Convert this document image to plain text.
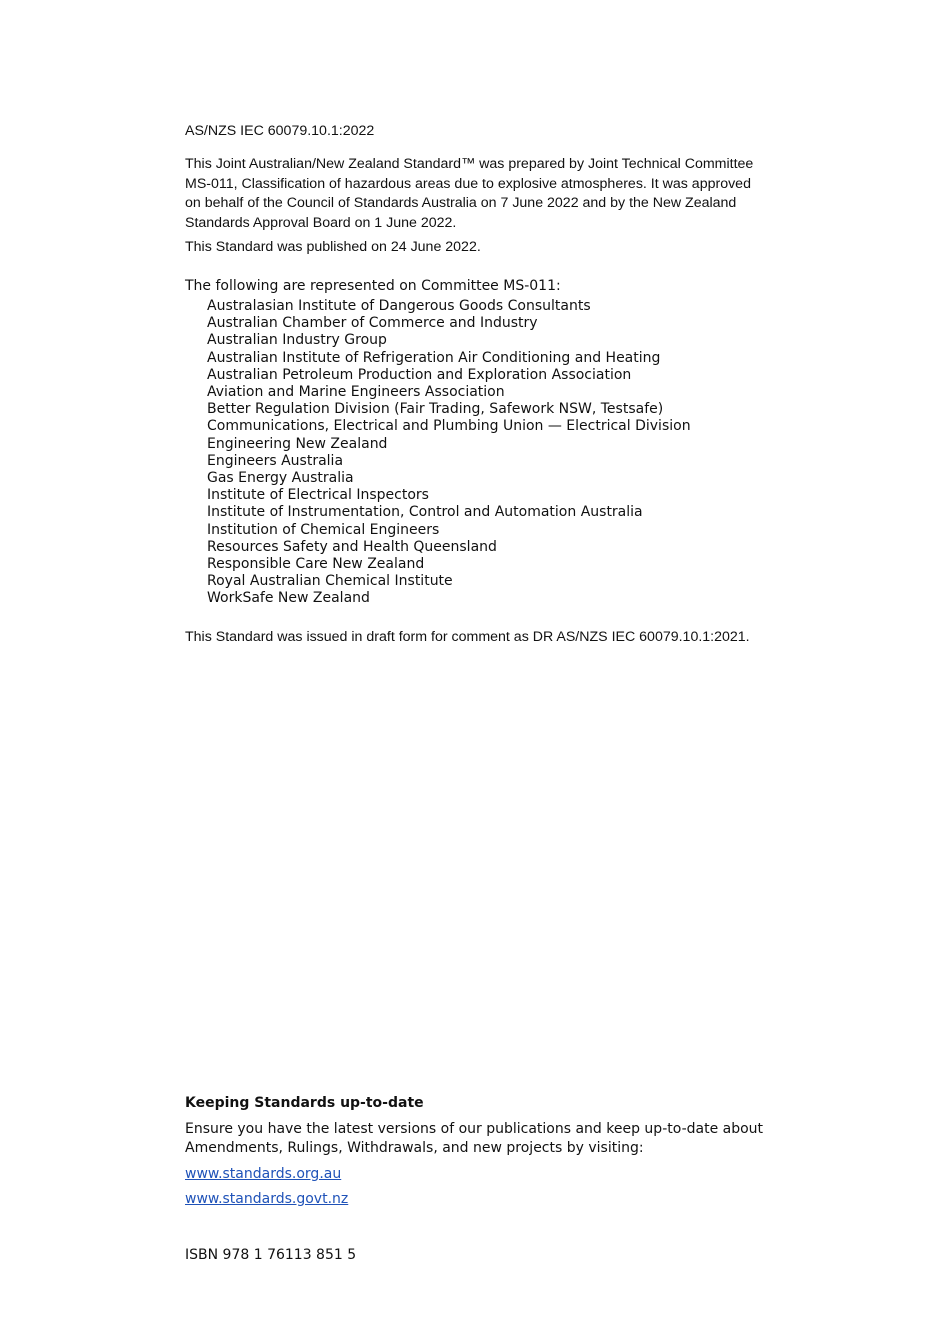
AS/NZS IEC 60079.10.1:2022
This Joint Australian/New Zealand Standard™ was prepared by Joint Technical Committee MS-011, Classification of hazardous areas due to explosive atmospheres. It was approved on behalf of the Council of Standards Australia on 7 June 2022 and by the New Zealand Standards Approval Board on 1 June 2022.
This Standard was published on 24 June 2022.
The following are represented on Committee MS-011:
Australasian Institute of Dangerous Goods Consultants
Australian Chamber of Commerce and Industry
Australian Industry Group
Australian Institute of Refrigeration Air Conditioning and Heating
Australian Petroleum Production and Exploration Association
Aviation and Marine Engineers Association
Better Regulation Division (Fair Trading, Safework NSW, Testsafe)
Communications, Electrical and Plumbing Union — Electrical Division
Engineering New Zealand
Engineers Australia
Gas Energy Australia
Institute of Electrical Inspectors
Institute of Instrumentation, Control and Automation Australia
Institution of Chemical Engineers
Resources Safety and Health Queensland
Responsible Care New Zealand
Royal Australian Chemical Institute
WorkSafe New Zealand
This Standard was issued in draft form for comment as DR AS/NZS IEC 60079.10.1:2021.
Keeping Standards up-to-date
Ensure you have the latest versions of our publications and keep up-to-date about Amendments, Rulings, Withdrawals, and new projects by visiting:
www.standards.org.au
www.standards.govt.nz
ISBN 978 1 76113 851 5
